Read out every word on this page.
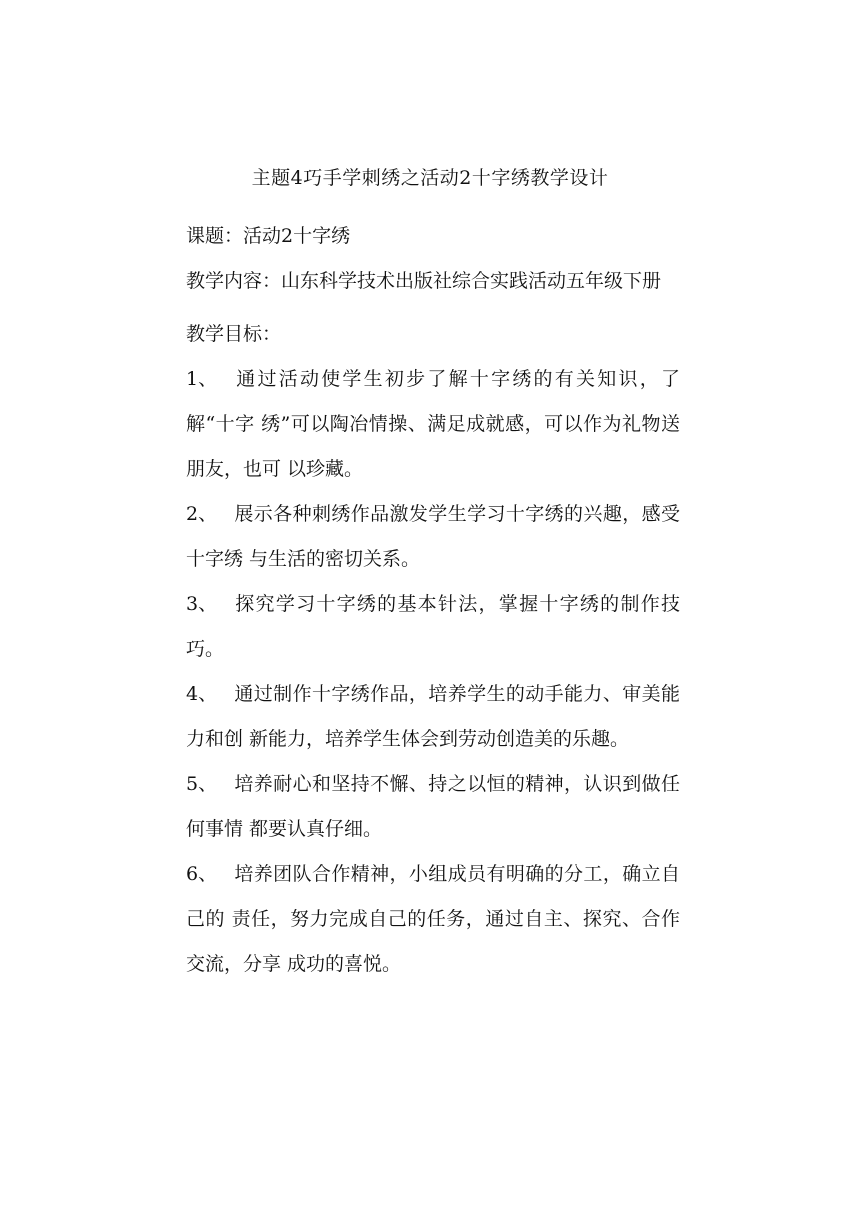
主题4巧手学刺绣之活动2十字绣教学设计

课题：活动2十字绣

教学内容：山东科学技术出版社综合实践活动五年级下册

教学目标：

1、 通过活动使学生初步了解十字绣的有关知识，了解“十字 绣”可以陶冶情操、满足成就感，可以作为礼物送朋友，也可 以珍藏。

2、 展示各种刺绣作品激发学生学习十字绣的兴趣，感受十字绣 与生活的密切关系。

3、 探究学习十字绣的基本针法，掌握十字绣的制作技巧。

4、 通过制作十字绣作品，培养学生的动手能力、审美能力和创 新能力，培养学生体会到劳动创造美的乐趣。

5、 培养耐心和坚持不懈、持之以恒的精神，认识到做任何事情 都要认真仔细。

6、 培养团队合作精神，小组成员有明确的分工，确立自己的 责任，努力完成自己的任务，通过自主、探究、合作交流，分享 成功的喜悦。
